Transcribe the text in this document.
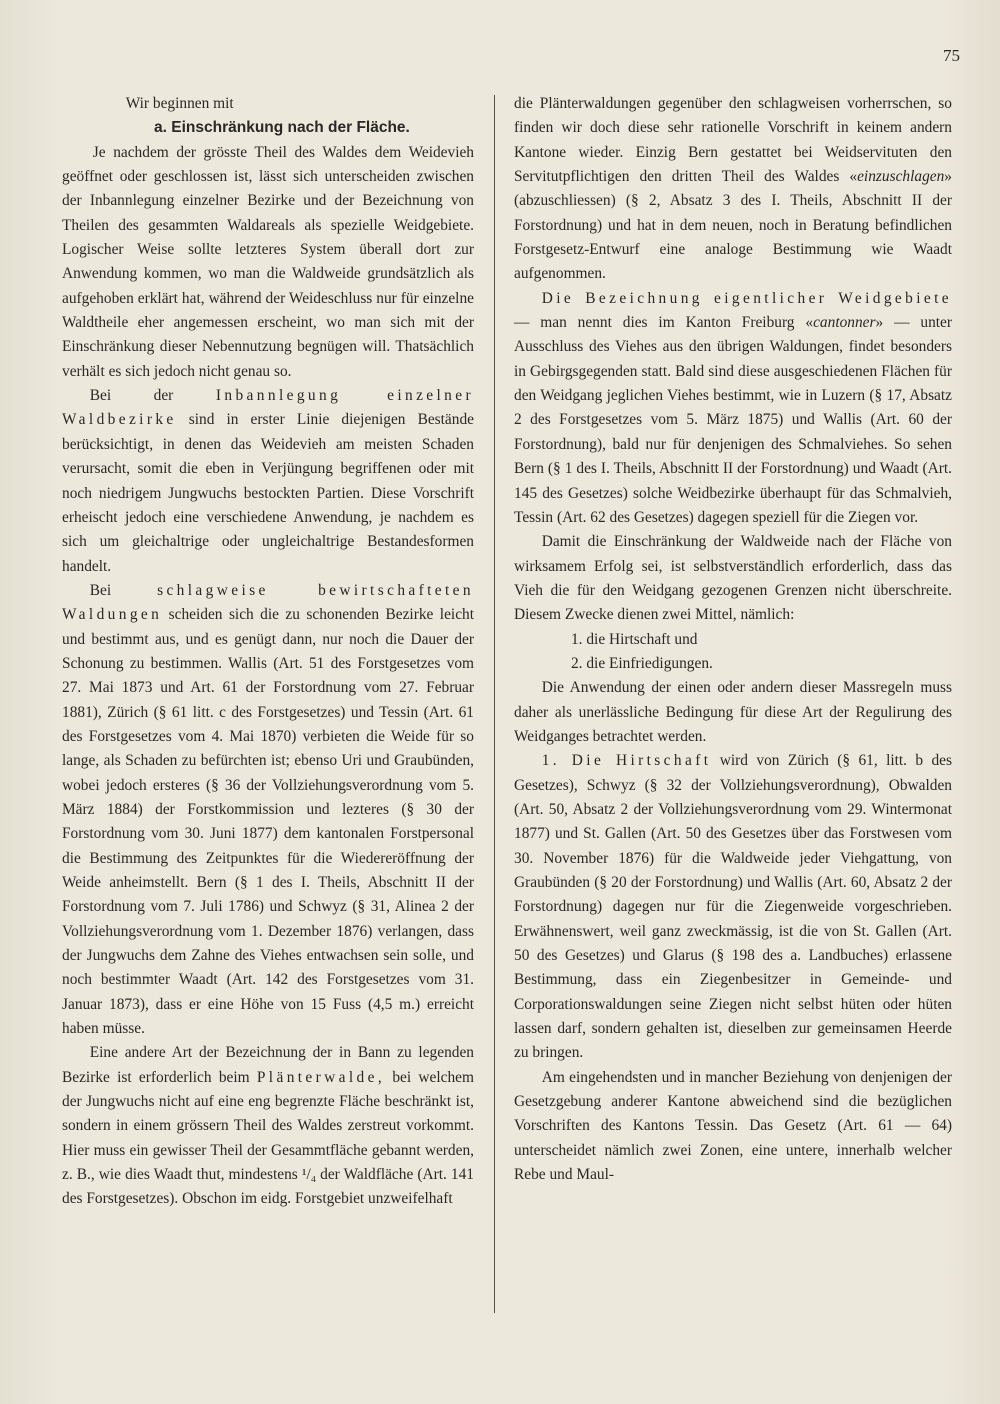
75

Wir beginnen mit

a. Einschränkung nach der Fläche.

Je nachdem der grösste Theil des Waldes dem Weidevieh geöffnet oder geschlossen ist, lässt sich unterscheiden zwischen der Inbannlegung einzelner Bezirke und der Bezeichnung von Theilen des gesammten Waldareals als spezielle Weidgebiete. Logischer Weise sollte letzteres System überall dort zur Anwendung kommen, wo man die Waldweide grundsätzlich als aufgehoben erklärt hat, während der Weideschluss nur für einzelne Waldtheile eher angemessen erscheint, wo man sich mit der Einschränkung dieser Nebennutzung begnügen will. Thatsächlich verhält es sich jedoch nicht genau so.

Bei der	Inbannlegung einzelner Waldbezirke sind in erster Linie diejenigen Bestände berücksichtigt, in denen das Weidevieh am meisten Schaden verursacht, somit die eben in Verjüngung begriffenen oder mit noch niedrigem Jungwuchs bestockten Partien. Diese Vorschrift erheischt jedoch eine verschiedene Anwendung, je nachdem es sich um gleichaltrige oder ungleichaltrige Bestandesformen handelt.

Bei	schlagweise bewirtschafteten Waldungen scheiden sich die zu schonenden Bezirke leicht und bestimmt aus, und es genügt dann, nur noch die Dauer der Schonung zu bestimmen. Wallis (Art. 51 des Forstgesetzes vom 27. Mai 1873 und Art. 61 der Forstordnung vom 27. Februar 1881), Zürich (§ 61 litt. c des Forstgesetzes) und Tessin (Art. 61 des Forstgesetzes vom 4. Mai 1870) verbieten die Weide für so lange, als Schaden zu befürchten ist; ebenso Uri und Graubünden, wobei jedoch ersteres (§ 36 der Vollziehungsverordnung vom 5. März 1884) der Forstkommission und lezteres (§ 30 der Forstordnung vom 30. Juni 1877) dem kantonalen Forstpersonal die Bestimmung des Zeitpunktes für die Wiedereröffnung der Weide anheimstellt. Bern (§ 1 des I. Theils, Abschnitt II der Forstordnung vom 7. Juli 1786) und Schwyz (§ 31, Alinea 2 der Vollziehungsverordnung vom 1. Dezember 1876) verlangen, dass der Jungwuchs dem Zahne des Viehes entwachsen sein solle, und noch bestimmter Waadt (Art. 142 des Forstgesetzes vom 31. Januar 1873), dass er eine Höhe von 15 Fuss (4,5 m.) erreicht haben müsse.

Eine andere Art der Bezeichnung der in Bann zu legenden Bezirke ist erforderlich beim Plänterwalde, bei welchem der Jungwuchs nicht auf eine eng begrenzte Fläche beschränkt ist, sondern in einem grössern Theil des Waldes zerstreut vorkommt. Hier muss ein gewisser Theil der Gesammtfläche gebannt werden, z. B., wie dies Waadt thut, mindestens ¹/₄ der Waldfläche (Art. 141 des Forstgesetzes). Obschon im eidg. Forstgebiet unzweifelhaft

die Plänterwaldungen gegenüber den schlagweisen vorherrschen, so finden wir doch diese sehr rationelle Vorschrift in keinem andern Kantone wieder. Einzig Bern gestattet bei Weidservituten den Servitutpflichtigen den dritten Theil des Waldes «einzuschlagen» (abzuschliessen) (§ 2, Absatz 3 des I. Theils, Abschnitt II der Forstordnung) und hat in dem neuen, noch in Beratung befindlichen Forstgesetz-Entwurf eine analoge Bestimmung wie Waadt aufgenommen.

Die Bezeichnung eigentlicher Weidgebiete — man nennt dies im Kanton Freiburg «cantonner» — unter Ausschluss des Viehes aus den übrigen Waldungen, findet besonders in Gebirgsgegenden statt. Bald sind diese ausgeschiedenen Flächen für den Weidgang jeglichen Viehes bestimmt, wie in Luzern (§ 17, Absatz 2 des Forstgesetzes vom 5. März 1875) und Wallis (Art. 60 der Forstordnung), bald nur für denjenigen des Schmalviehes. So sehen Bern (§ 1 des I. Theils, Abschnitt II der Forstordnung) und Waadt (Art. 145 des Gesetzes) solche Weidbezirke überhaupt für das Schmalvieh, Tessin (Art. 62 des Gesetzes) dagegen speziell für die Ziegen vor.

Damit die Einschränkung der Waldweide nach der Fläche von wirksamem Erfolg sei, ist selbstverständlich erforderlich, dass das Vieh die für den Weidgang gezogenen Grenzen nicht überschreite. Diesem Zwecke dienen zwei Mittel, nämlich:

1. die Hirtschaft und

2. die Einfriedigungen.

Die Anwendung der einen oder andern dieser Massregeln muss daher als unerlässliche Bedingung für diese Art der Regulirung des Weidganges betrachtet werden.

1. Die Hirtschaft wird von Zürich (§ 61, litt. b des Gesetzes), Schwyz (§ 32 der Vollziehungsverordnung), Obwalden (Art. 50, Absatz 2 der Vollziehungsverordnung vom 29. Wintermonat 1877) und St. Gallen (Art. 50 des Gesetzes über das Forstwesen vom 30. November 1876) für die Waldweide jeder Viehgattung, von Graubünden (§ 20 der Forstordnung) und Wallis (Art. 60, Absatz 2 der Forstordnung) dagegen nur für die Ziegenweide vorgeschrieben. Erwähnenswert, weil ganz zweckmässig, ist die von St. Gallen (Art. 50 des Gesetzes) und Glarus (§ 198 des a. Landbuches) erlassene Bestimmung, dass ein Ziegenbesitzer in Gemeinde- und Corporationswaldungen seine Ziegen nicht selbst hüten oder hüten lassen darf, sondern gehalten ist, dieselben zur gemeinsamen Heerde zu bringen.

Am eingehendsten und in mancher Beziehung von denjenigen der Gesetzgebung anderer Kantone abweichend sind die bezüglichen Vorschriften des Kantons Tessin. Das Gesetz (Art. 61 — 64) unterscheidet nämlich zwei Zonen, eine untere, innerhalb welcher Rebe und Maul-
